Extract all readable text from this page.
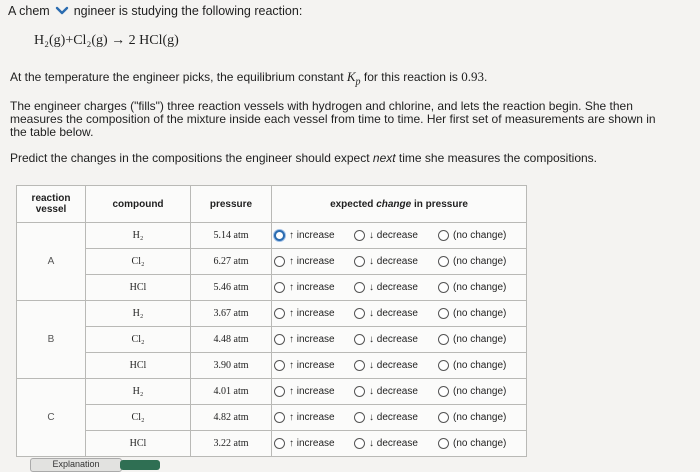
A chem ngineer is studying the following reaction:
H₂(g)+Cl₂(g) → 2 HCl(g)
At the temperature the engineer picks, the equilibrium constant $K_p$ for this reaction is 0.93.
The engineer charges ("fills") three reaction vessels with hydrogen and chlorine, and lets the reaction begin. She then measures the composition of the mixture inside each vessel from time to time. Her first set of measurements are shown in the table below.
Predict the changes in the compositions the engineer should expect next time she measures the compositions.
reaction vessel	compound	pressure	expected change in pressure
A	H₂	5.14 atm	↑ increase ↓ decrease (no change)

	Cl₂	6.27 atm	↑ increase ↓ decrease (no change)

	HCl	5.46 atm	↑ increase ↓ decrease (no change)

B	H₂	3.67 atm	↑ increase ↓ decrease (no change)

	Cl₂	4.48 atm	↑ increase ↓ decrease (no change)

	HCl	3.90 atm	↑ increase ↓ decrease (no change)

C	H₂	4.01 atm	↑ increase ↓ decrease (no change)

	Cl₂	4.82 atm	↑ increase ↓ decrease (no change)

	HCl	3.22 atm	↑ increase ↓ decrease (no change)
Explanation
